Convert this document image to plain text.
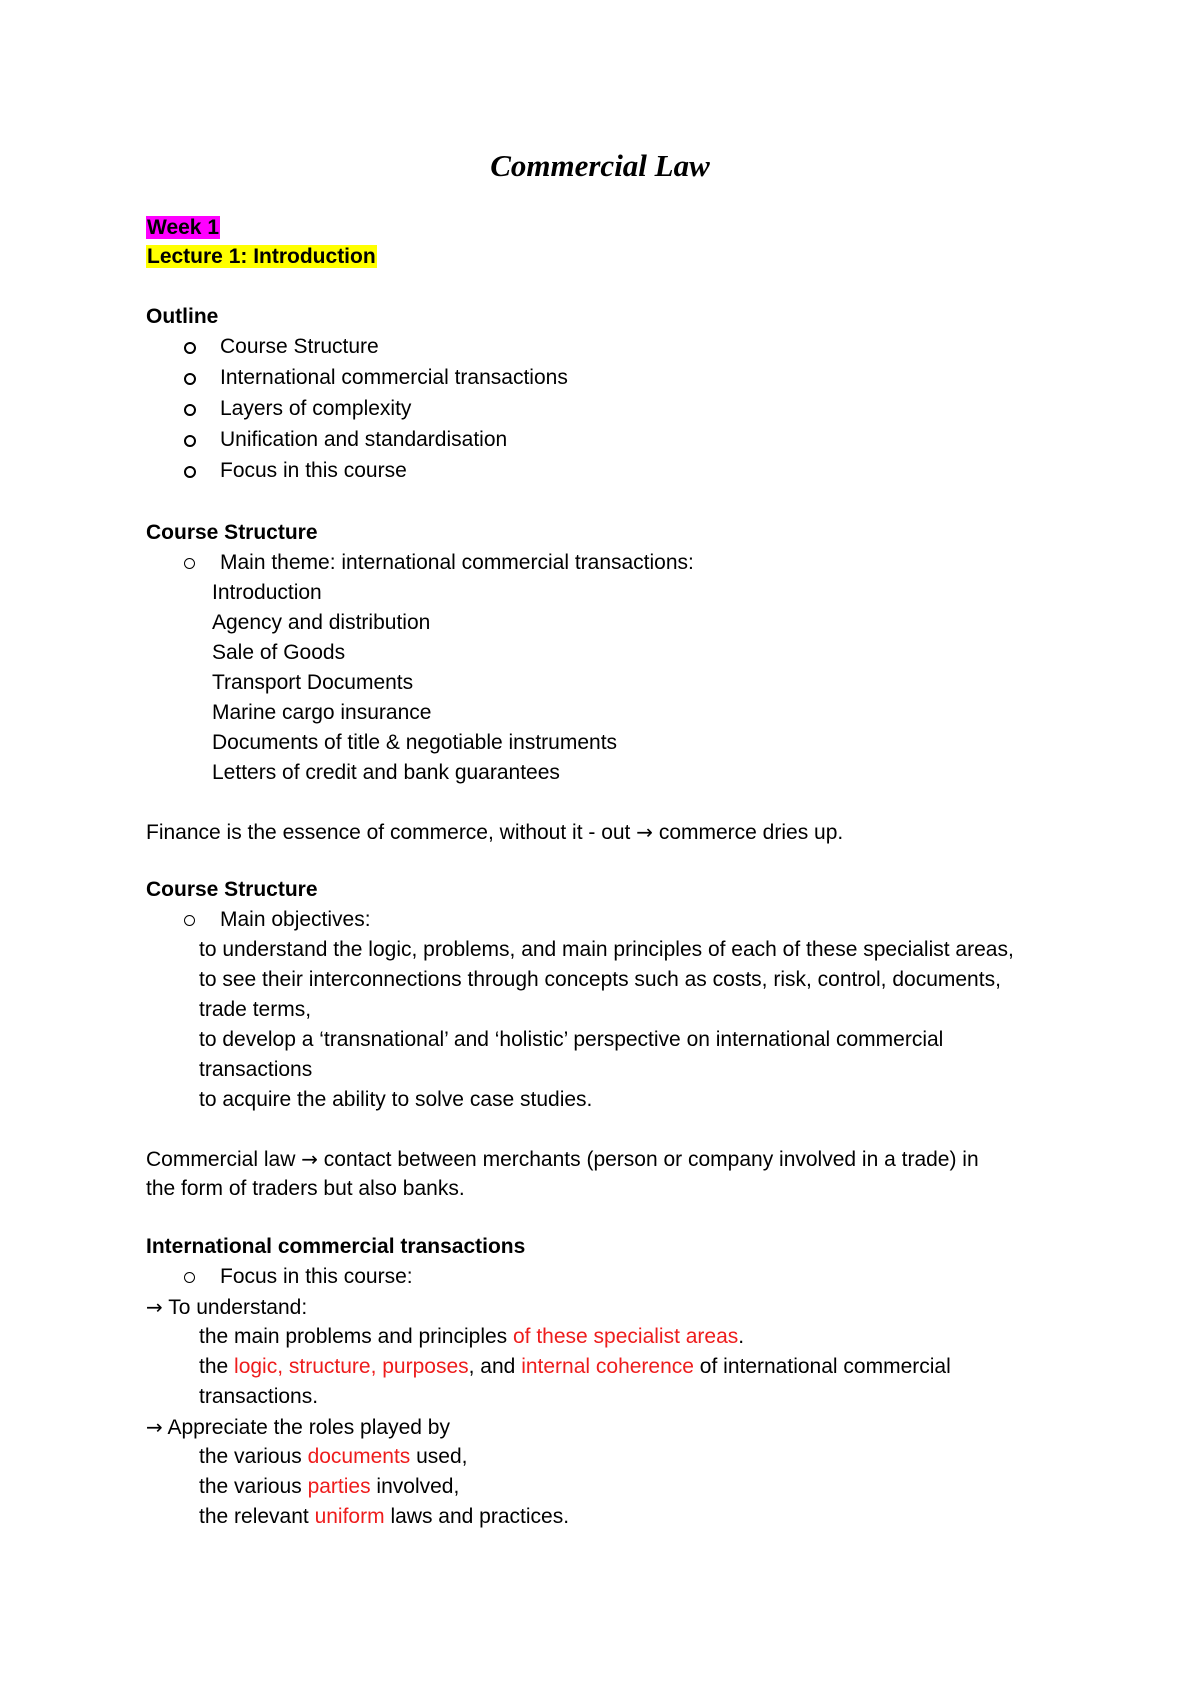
Commercial Law
Week 1
Lecture 1: Introduction
Outline
Course Structure
International commercial transactions
Layers of complexity
Unification and standardisation
Focus in this course
Course Structure
Main theme: international commercial transactions:
Introduction
Agency and distribution
Sale of Goods
Transport Documents
Marine cargo insurance
Documents of title & negotiable instruments
Letters of credit and bank guarantees
Finance is the essence of commerce, without it - out → commerce dries up.
Course Structure
Main objectives:
to understand the logic, problems, and main principles of each of these specialist areas,
to see their interconnections through concepts such as costs, risk, control, documents,
trade terms,
to develop a ‘transnational’ and ‘holistic’ perspective on international commercial
transactions
to acquire the ability to solve case studies.
Commercial law → contact between merchants (person or company involved in a trade) in
the form of traders but also banks.
International commercial transactions
Focus in this course:
→ To understand:
the main problems and principles of these specialist areas.
the logic, structure, purposes, and internal coherence of international commercial
transactions.
→ Appreciate the roles played by
the various documents used,
the various parties involved,
the relevant uniform laws and practices.
